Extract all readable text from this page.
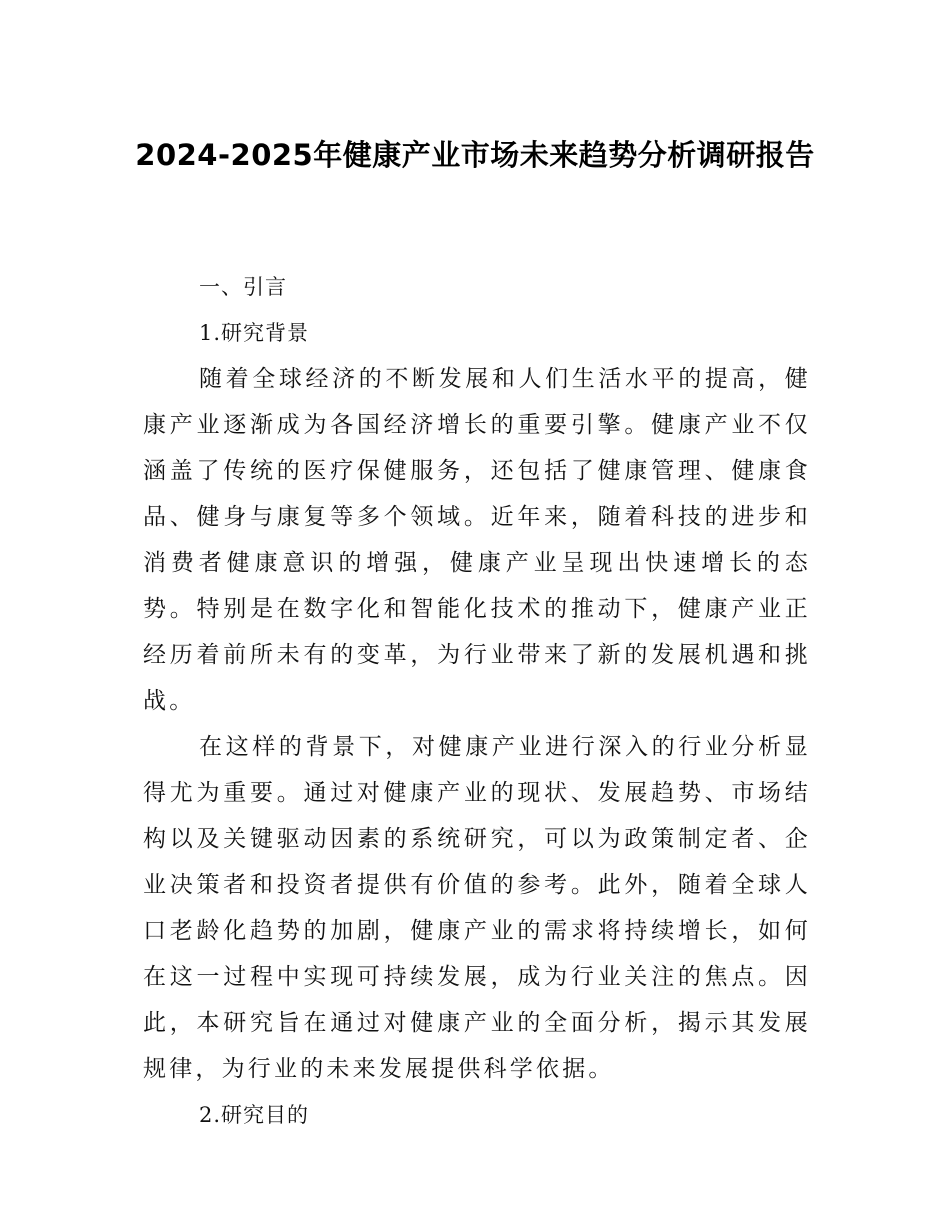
2024-2025年健康产业市场未来趋势分析调研报告

一、引言

1.研究背景

随着全球经济的不断发展和人们生活水平的提高，健康产业逐渐成为各国经济增长的重要引擎。健康产业不仅涵盖了传统的医疗保健服务，还包括了健康管理、健康食品、健身与康复等多个领域。近年来，随着科技的进步和消费者健康意识的增强，健康产业呈现出快速增长的态势。特别是在数字化和智能化技术的推动下，健康产业正经历着前所未有的变革，为行业带来了新的发展机遇和挑战。

在这样的背景下，对健康产业进行深入的行业分析显得尤为重要。通过对健康产业的现状、发展趋势、市场结构以及关键驱动因素的系统研究，可以为政策制定者、企业决策者和投资者提供有价值的参考。此外，随着全球人口老龄化趋势的加剧，健康产业的需求将持续增长，如何在这一过程中实现可持续发展，成为行业关注的焦点。因此，本研究旨在通过对健康产业的全面分析，揭示其发展规律，为行业的未来发展提供科学依据。

2.研究目的
